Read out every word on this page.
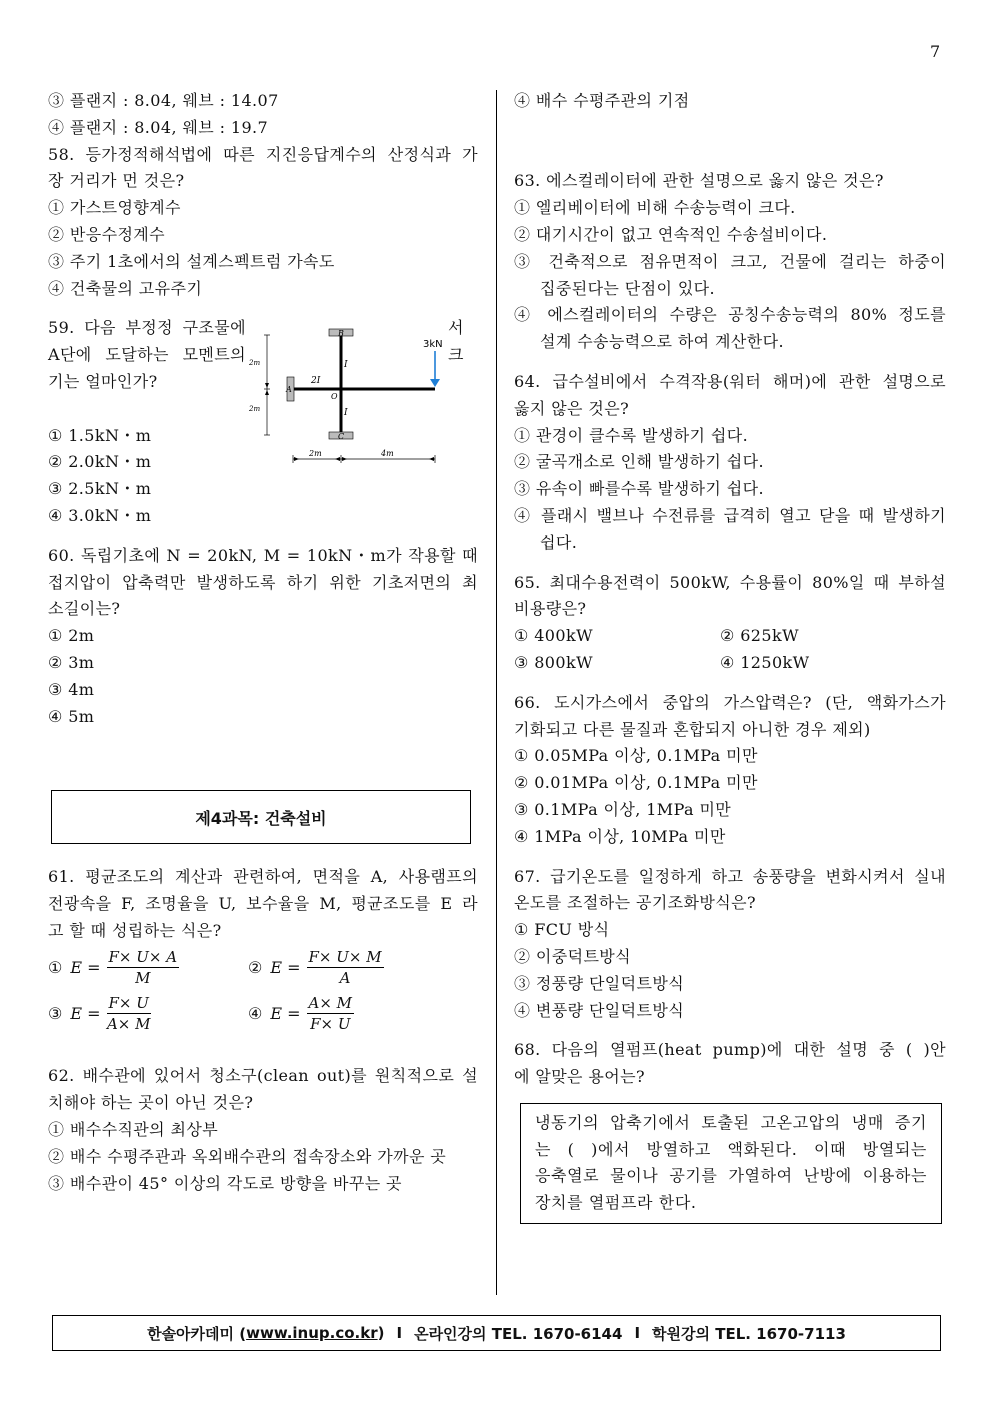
7
③ 플랜지 : 8.04, 웨브 : 14.07
④ 플랜지 : 8.04, 웨브 : 19.7
58. 등가정적해석법에 따른 지진응답계수의 산정식과 가
장 거리가 먼 것은?
① 가스트영향계수
② 반응수정계수
③ 주기 1초에서의 설계스펙트럼 가속도
④ 건축물의 고유주기
59. 다음 부정정 구조물에
A단에 도달하는 모멘트의
기는 얼마인가?
서
크
① 1.5kN・m
② 2.0kN・m
③ 2.5kN・m
④ 3.0kN・m
60. 독립기초에 N = 20kN, M = 10kN・m가 작용할 때
접지압이 압축력만 발생하도록 하기 위한 기초저면의 최
소길이는?
① 2m
② 3m
③ 4m
④ 5m
제4과목: 건축설비
61. 평균조도의 계산과 관련하여, 면적을 A, 사용램프의
전광속을 F, 조명율을 U, 보수율을 M, 평균조도를 E 라
고 할 때 성립하는 식은?
① $E = \frac{F\times U\times A}{M}$	② $E = \frac{F\times U\times M}{A}$
③ $E = \frac{F\times U}{A\times M}$	④ $E = \frac{A\times M}{F\times U}$
62. 배수관에 있어서 청소구(clean out)를 원칙적으로 설
치해야 하는 곳이 아닌 것은?
① 배수수직관의 최상부
② 배수 수평주관과 옥외배수관의 접속장소와 가까운 곳
③ 배수관이 45° 이상의 각도로 방향을 바꾸는 곳
B
C
A
O
I
2I
I
3kN
2m
2m
2m	4m
④ 배수 수평주관의 기점
63. 에스컬레이터에 관한 설명으로 옳지 않은 것은?
① 엘리베이터에 비해 수송능력이 크다.
② 대기시간이 없고 연속적인 수송설비이다.
③ 건축적으로 점유면적이 크고, 건물에 걸리는 하중이
집중된다는 단점이 있다.
④ 에스컬레이터의 수량은 공칭수송능력의 80% 정도를
설계 수송능력으로 하여 계산한다.
64. 급수설비에서 수격작용(워터 해머)에 관한 설명으로
옳지 않은 것은?
① 관경이 클수록 발생하기 쉽다.
② 굴곡개소로 인해 발생하기 쉽다.
③ 유속이 빠를수록 발생하기 쉽다.
④ 플래시 밸브나 수전류를 급격히 열고 닫을 때 발생하기
쉽다.
65. 최대수용전력이 500kW, 수용률이 80%일 때 부하설
비용량은?
① 400kW	② 625kW
③ 800kW	④ 1250kW
66. 도시가스에서 중압의 가스압력은? (단, 액화가스가
기화되고 다른 물질과 혼합되지 아니한 경우 제외)
① 0.05MPa 이상, 0.1MPa 미만
② 0.01MPa 이상, 0.1MPa 미만
③ 0.1MPa 이상, 1MPa 미만
④ 1MPa 이상, 10MPa 미만
67. 급기온도를 일정하게 하고 송풍량을 변화시켜서 실내
온도를 조절하는 공기조화방식은?
① FCU 방식
② 이중덕트방식
③ 정풍량 단일덕트방식
④ 변풍량 단일덕트방식
68. 다음의 열펌프(heat pump)에 대한 설명 중 ( )안
에 알맞은 용어는?
냉동기의 압축기에서 토출된 고온고압의 냉매 증기
는 ( )에서 방열하고 액화된다. 이때 방열되는
응축열로 물이나 공기를 가열하여 난방에 이용하는
장치를 열펌프라 한다.
한솔아카데미 ( www.inup.co.kr ) I 온라인강의 TEL. 1670-6144 I 학원강의 TEL. 1670-7113
